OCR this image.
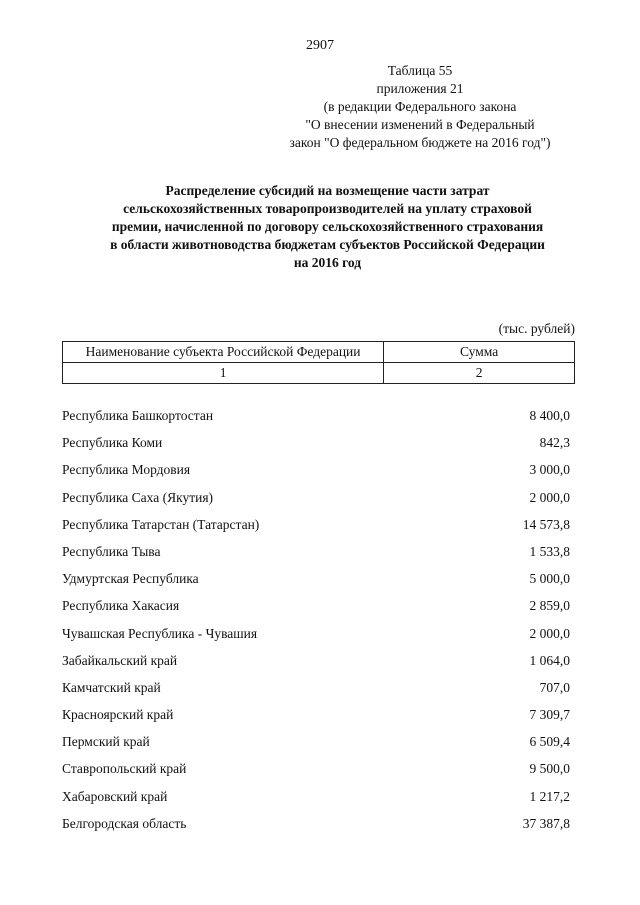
2907
Таблица 55
приложения 21
(в редакции Федерального закона
"О внесении изменений в Федеральный
закон "О федеральном бюджете на 2016 год")
Распределение субсидий на возмещение части затрат
сельскохозяйственных товаропроизводителей на уплату страховой
премии, начисленной по договору сельскохозяйственного страхования
в области животноводства бюджетам субъектов Российской Федерации
на 2016 год
(тыс. рублей)
Наименование субъекта Российской Федерации	Сумма
1	2
Республика Башкортостан	8 400,0
Республика Коми	842,3
Республика Мордовия	3 000,0
Республика Саха (Якутия)	2 000,0
Республика Татарстан (Татарстан)	14 573,8
Республика Тыва	1 533,8
Удмуртская Республика	5 000,0
Республика Хакасия	2 859,0
Чувашская Республика - Чувашия	2 000,0
Забайкальский край	1 064,0
Камчатский край	707,0
Красноярский край	7 309,7
Пермский край	6 509,4
Ставропольский край	9 500,0
Хабаровский край	1 217,2
Белгородская область	37 387,8
